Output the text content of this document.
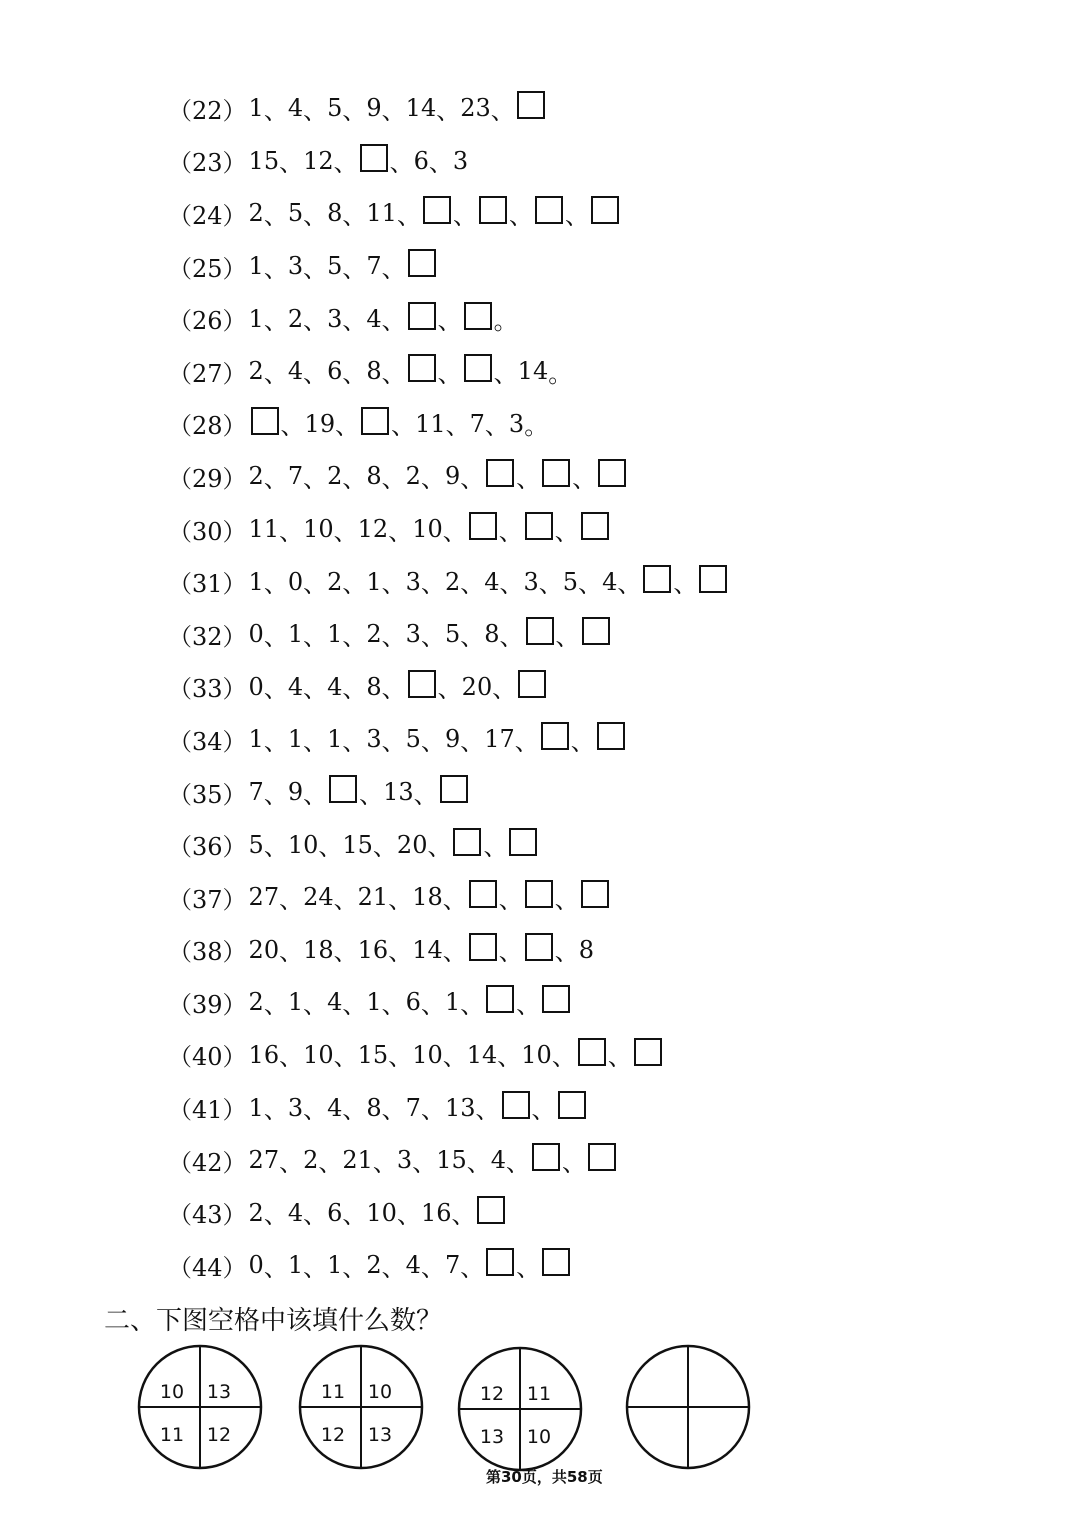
（22） 1 、 4 、 5 、 9 、 14 、 23 、
（23） 15 、 12 、 、 6 、 3
（24） 2 、 5 、 8 、 11 、 、 、 、
（25） 1 、 3 、 5 、 7 、
（26） 1 、 2 、 3 、 4 、 、 。
（27） 2 、 4 、 6 、 8 、 、 、 14 。
（28） 、 19 、 、 11 、 7 、 3 。
（29） 2 、 7 、 2 、 8 、 2 、 9 、 、 、
（30） 11 、 10 、 12 、 10 、 、 、
（31） 1 、 0 、 2 、 1 、 3 、 2 、 4 、 3 、 5 、 4 、 、
（32） 0 、 1 、 1 、 2 、 3 、 5 、 8 、 、
（33） 0 、 4 、 4 、 8 、 、 20 、
（34） 1 、 1 、 1 、 3 、 5 、 9 、 17 、 、
（35） 7 、 9 、 、 13 、
（36） 5 、 10 、 15 、 20 、 、
（37） 27 、 24 、 21 、 18 、 、 、
（38） 20 、 18 、 16 、 14 、 、 、 8
（39） 2 、 1 、 4 、 1 、 6 、 1 、 、
（40） 16 、 10 、 15 、 10 、 14 、 10 、 、
（41） 1 、 3 、 4 、 8 、 7 、 13 、 、
（42） 27 、 2 、 21 、 3 、 15 、 4 、 、
（43） 2 、 4 、 6 、 10 、 16 、
（44） 0 、 1 、 1 、 2 、 4 、 7 、 、
二、下图空格中该填什么数？
10 13
11 12
11 10
12 13
12 11
13 10
第30页，共58页
